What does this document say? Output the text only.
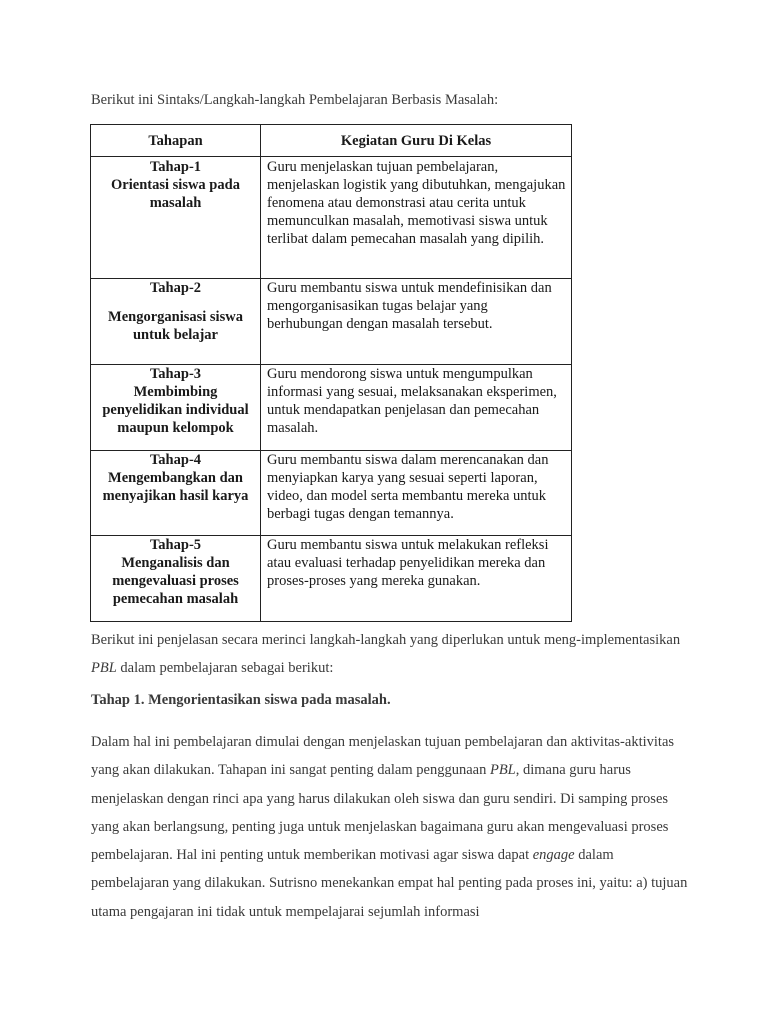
Berikut ini Sintaks/Langkah-langkah Pembelajaran Berbasis Masalah:

Tahapan	Kegiatan Guru Di Kelas

Tahap-1
Orientasi siswa pada masalah	Guru menjelaskan tujuan pembelajaran, menjelaskan logistik yang dibutuhkan, mengajukan fenomena atau demonstrasi atau cerita untuk memunculkan masalah, memotivasi siswa untuk terlibat dalam pemecahan masalah yang dipilih.

Tahap-2
Mengorganisasi siswa untuk belajar	Guru membantu siswa untuk mendefinisikan dan mengorganisasikan tugas belajar yang berhubungan dengan masalah tersebut.

Tahap-3
Membimbing penyelidikan individual maupun kelompok	Guru mendorong siswa untuk mengumpulkan informasi yang sesuai, melaksanakan eksperimen, untuk mendapatkan penjelasan dan pemecahan masalah.

Tahap-4
Mengembangkan dan menyajikan hasil karya	Guru membantu siswa dalam merencanakan dan menyiapkan karya yang sesuai seperti laporan, video, dan model serta membantu mereka untuk berbagi tugas dengan temannya.

Tahap-5
Menganalisis dan mengevaluasi proses pemecahan masalah	Guru membantu siswa untuk melakukan refleksi atau evaluasi terhadap penyelidikan mereka dan proses-proses yang mereka gunakan.

Berikut ini penjelasan secara merinci langkah-langkah yang diperlukan untuk meng-implementasikan PBL dalam pembelajaran sebagai berikut:

Tahap 1. Mengorientasikan siswa pada masalah.

Dalam hal ini pembelajaran dimulai dengan menjelaskan tujuan pembelajaran dan aktivitas-aktivitas yang akan dilakukan. Tahapan ini sangat penting dalam penggunaan PBL, dimana guru harus menjelaskan dengan rinci apa yang harus dilakukan oleh siswa dan guru sendiri. Di samping proses yang akan berlangsung, penting juga untuk menjelaskan bagaimana guru akan mengevaluasi proses pembelajaran. Hal ini penting untuk memberikan motivasi agar siswa dapat engage dalam pembelajaran yang dilakukan. Sutrisno menekankan empat hal penting pada proses ini, yaitu: a) tujuan utama pengajaran ini tidak untuk mempelajarai sejumlah informasi
